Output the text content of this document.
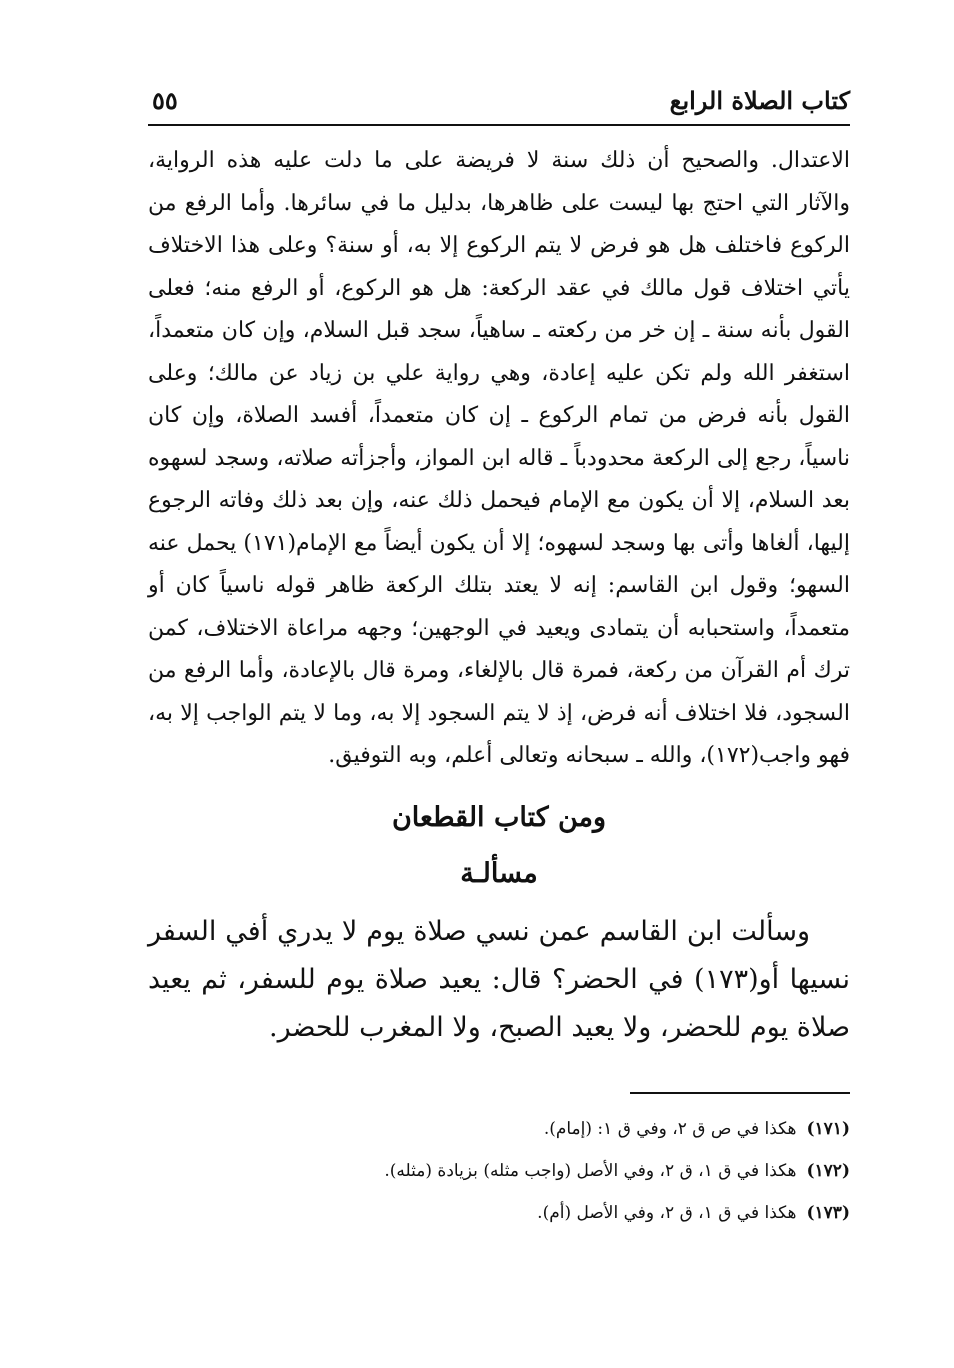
كتاب الصلاة الرابع
٥٥

الاعتدال. والصحيح أن ذلك سنة لا فريضة على ما دلت عليه هذه الرواية، والآثار التي احتج بها ليست على ظاهرها، بدليل ما في سائرها. وأما الرفع من الركوع فاختلف هل هو فرض لا يتم الركوع إلا به، أو سنة؟ وعلى هذا الاختلاف يأتي اختلاف قول مالك في عقد الركعة: هل هو الركوع، أو الرفع منه؛ فعلى القول بأنه سنة ـ إن خر من ركعته ـ ساهياً، سجد قبل السلام، وإن كان متعمداً، استغفر الله ولم تكن عليه إعادة، وهي رواية علي بن زياد عن مالك؛ وعلى القول بأنه فرض من تمام الركوع ـ إن كان متعمداً، أفسد الصلاة، وإن كان ناسياً، رجع إلى الركعة محدودباً ـ قاله ابن المواز، وأجزأته صلاته، وسجد لسهوه بعد السلام، إلا أن يكون مع الإمام فيحمل ذلك عنه، وإن بعد ذلك وفاته الرجوع إليها، ألغاها وأتى بها وسجد لسهوه؛ إلا أن يكون أيضاً مع الإمام(١٧١) يحمل عنه السهو؛ وقول ابن القاسم: إنه لا يعتد بتلك الركعة ظاهر قوله ناسياً كان أو متعمداً، واستحبابه أن يتمادى ويعيد في الوجهين؛ وجهه مراعاة الاختلاف، كمن ترك أم القرآن من ركعة، فمرة قال بالإلغاء، ومرة قال بالإعادة، وأما الرفع من السجود، فلا اختلاف أنه فرض، إذ لا يتم السجود إلا به، وما لا يتم الواجب إلا به، فهو واجب(١٧٢)، والله ـ سبحانه وتعالى أعلم، وبه التوفيق.

ومن كتاب القطعان
مسألـة

وسألت ابن القاسم عمن نسي صلاة يوم لا يدري أفي السفر نسيها أو(١٧٣) في الحضر؟ قال: يعيد صلاة يوم للسفر، ثم يعيد صلاة يوم للحضر، ولا يعيد الصبح، ولا المغرب للحضر.

(١٧١)هكذا في ص ق ٢، وفي ق ١: (إمام).
(١٧٢)هكذا في ق ١، ق ٢، وفي الأصل (واجب مثله) بزيادة (مثله).
(١٧٣)هكذا في ق ١، ق ٢، وفي الأصل (أم).
